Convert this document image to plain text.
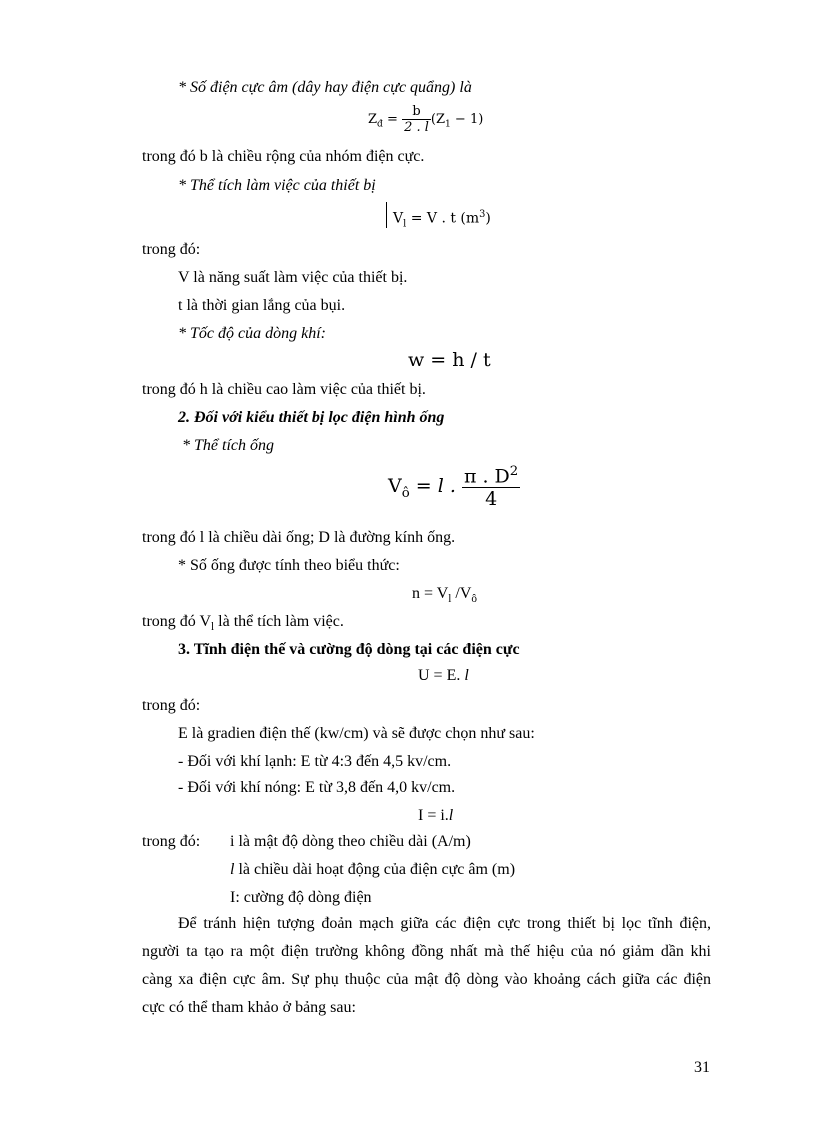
* Số điện cực âm (dây hay điện cực quẩng) là
$Z_đ = \frac{b}{2 . l} (Z_1 - 1)$
trong đó b là chiều rộng của nhóm điện cực.
* Thể tích làm việc của thiết bị
$V_l = V$ . t $(m^3)$
trong đó:
V là năng suất làm việc của thiết bị.
t là thời gian lắng của bụi.
* Tốc độ của dòng khí:
w = h / t
trong đó h là chiều cao làm việc của thiết bị.
2. Đối với kiểu thiết bị lọc điện hình ống
* Thể tích ống
$V_ô = l$ . $\frac{\pi . D^2}{4}$
trong đó l là chiều dài ống; D là đường kính ống.
* Số ống được tính theo biểu thức:
$n = V_l$ $/V_ô$
trong đó $V_l$ là thể tích làm việc.
3. Tĩnh điện thế và cường độ dòng tại các điện cực
U = E. l
trong đó:
E là gradien điện thế (kw/cm) và sẽ được chọn như sau:
- Đối với khí lạnh: E từ 4:3 đến 4,5 kv/cm.
- Đối với khí nóng: E từ 3,8 đến 4,0 kv/cm.
I = i.l
trong đó: i là mật độ dòng theo chiều dài (A/m)
l là chiều dài hoạt động của điện cực âm (m)
I: cường độ dòng điện
Để tránh hiện tượng đoản mạch giữa các điện cực trong thiết bị lọc tĩnh điện,
người ta tạo ra một điện trường không đồng nhất mà thế hiệu của nó giảm dần khi
càng xa điện cực âm. Sự phụ thuộc của mật độ dòng vào khoảng cách giữa các điện
cực có thể tham khảo ở bảng sau:
31
